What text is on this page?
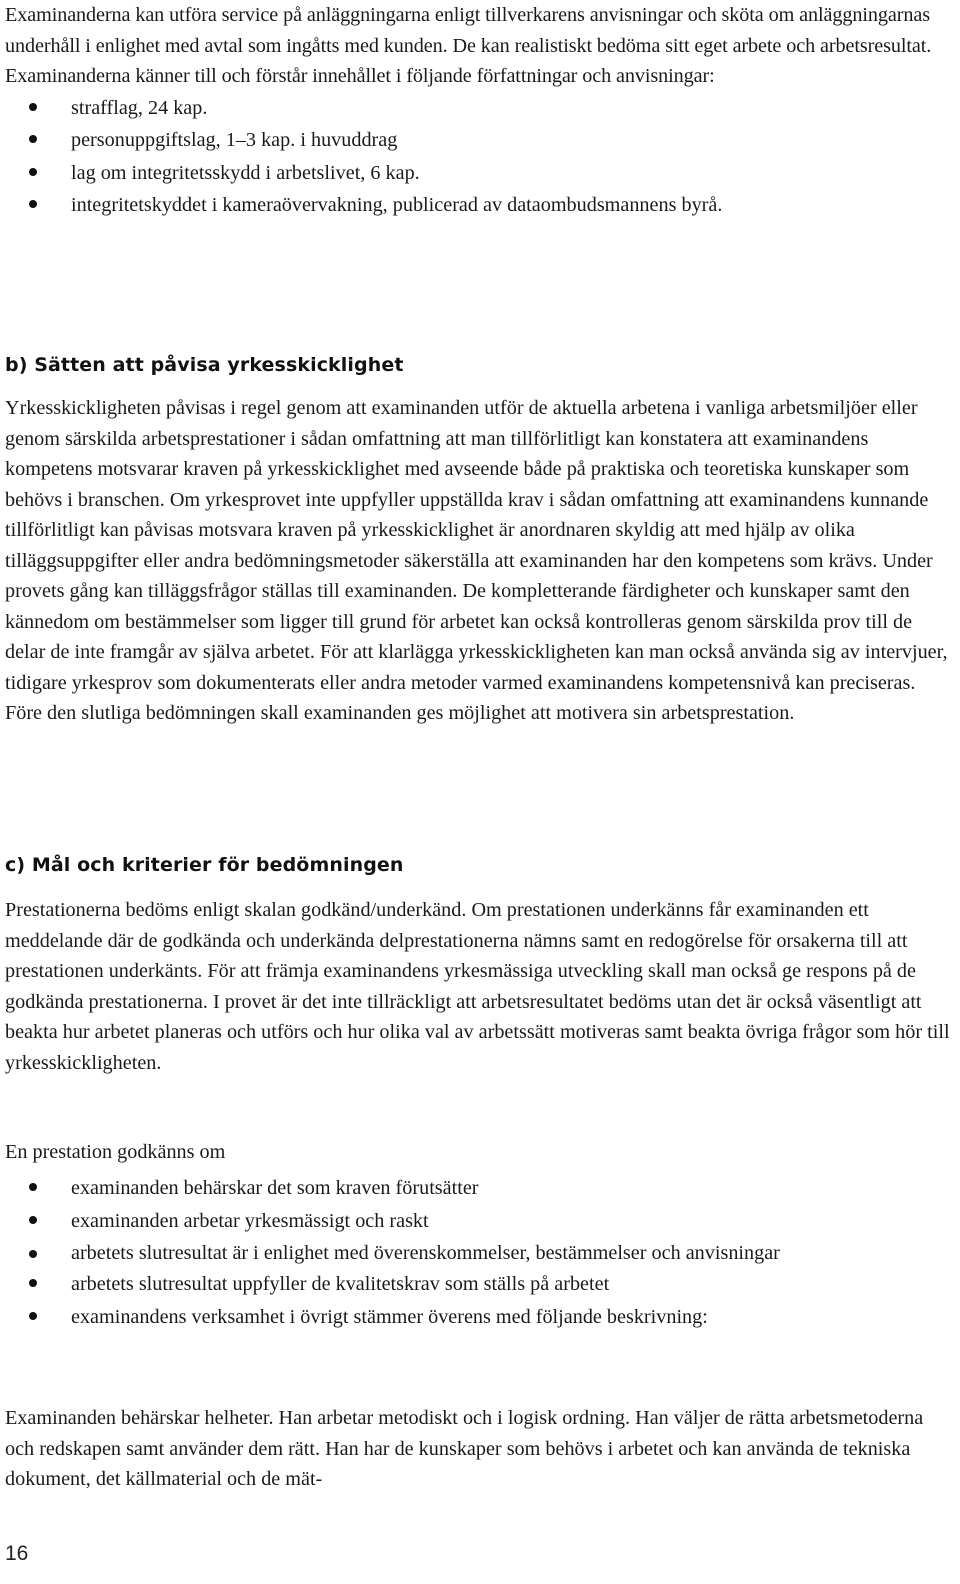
Examinanderna kan utföra service på anläggningarna enligt tillverkarens anvisningar och sköta om anläggningarnas underhåll i enlighet med avtal som ingåtts med kunden. De kan realistiskt bedöma sitt eget arbete och arbetsresultat.

Examinanderna känner till och förstår innehållet i följande författningar och anvisningar:

strafflag, 24 kap.
personuppgiftslag, 1–3 kap. i huvuddrag
lag om integritetsskydd i arbetslivet, 6 kap.
integritetskyddet i kameraövervakning, publicerad av dataombudsmannens byrå.
b) Sätten att påvisa yrkesskicklighet

Yrkesskickligheten påvisas i regel genom att examinanden utför de aktuella arbetena i vanliga arbetsmiljöer eller genom särskilda arbetsprestationer i sådan omfattning att man tillförlitligt kan konstatera att examinandens kompetens motsvarar kraven på yrkesskicklighet med avseende både på praktiska och teoretiska kunskaper som behövs i branschen. Om yrkesprovet inte uppfyller uppställda krav i sådan omfattning att examinandens kunnande tillförlitligt kan påvisas motsvara kraven på yrkesskicklighet är anordnaren skyldig att med hjälp av olika tilläggsuppgifter eller andra bedömningsmetoder säkerställa att examinanden har den kompetens som krävs. Under provets gång kan tilläggsfrågor ställas till examinanden. De kompletterande färdigheter och kunskaper samt den kännedom om bestämmelser som ligger till grund för arbetet kan också kontrolleras genom särskilda prov till de delar de inte framgår av själva arbetet. För att klarlägga yrkesskickligheten kan man också använda sig av intervjuer, tidigare yrkesprov som dokumenterats eller andra metoder varmed examinandens kompetensnivå kan preciseras. Före den slutliga bedömningen skall examinanden ges möjlighet att motivera sin arbetsprestation.

c) Mål och kriterier för bedömningen

Prestationerna bedöms enligt skalan godkänd/underkänd. Om prestationen underkänns får examinanden ett meddelande där de godkända och underkända delprestationerna nämns samt en redogörelse för orsakerna till att prestationen underkänts. För att främja examinandens yrkesmässiga utveckling skall man också ge respons på de godkända prestationerna. I provet är det inte tillräckligt att arbetsresultatet bedöms utan det är också väsentligt att beakta hur arbetet planeras och utförs och hur olika val av arbetssätt motiveras samt beakta övriga frågor som hör till yrkesskickligheten.

En prestation godkänns om

examinanden behärskar det som kraven förutsätter
examinanden arbetar yrkesmässigt och raskt
arbetets slutresultat är i enlighet med överenskommelser, bestämmelser och anvisningar
arbetets slutresultat uppfyller de kvalitetskrav som ställs på arbetet
examinandens verksamhet i övrigt stämmer överens med följande beskrivning:

Examinanden behärskar helheter. Han arbetar metodiskt och i logisk ordning. Han väljer de rätta arbetsmetoderna och redskapen samt använder dem rätt. Han har de kunskaper som behövs i arbetet och kan använda de tekniska dokument, det källmaterial och de mät-

16
